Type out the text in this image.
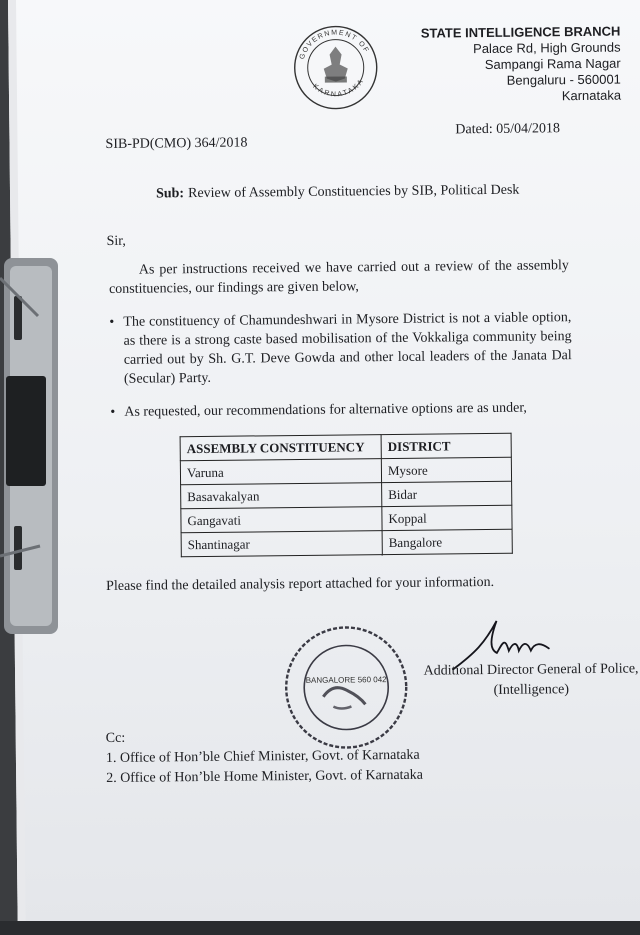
GOVERNMENT OF
KARNATAKA
STATE INTELLIGENCE BRANCH
Palace Rd, High Grounds
Sampangi Rama Nagar
Bengaluru - 560001
Karnataka
SIB-PD(CMO) 364/2018
Dated: 05/04/2018
Sub: Review of Assembly Constituencies by SIB, Political Desk
Sir,
As per instructions received we have carried out a review of the assembly constituencies, our findings are given below,
• The constituency of Chamundeshwari in Mysore District is not a viable option, as there is a strong caste based mobilisation of the Vokkaliga community being carried out by Sh. G.T. Deve Gowda and other local leaders of the Janata Dal (Secular) Party.
• As requested, our recommendations for alternative options are as under,
ASSEMBLY CONSTITUENCY	DISTRICT
Varuna	Mysore
Basavakalyan	Bidar
Gangavati	Koppal
Shantinagar	Bangalore
Please find the detailed analysis report attached for your information.
BANGALORE 560 042
Additional Director General of Police,
(Intelligence)
Cc:
1. Office of Hon’ble Chief Minister, Govt. of Karnataka
2. Office of Hon’ble Home Minister, Govt. of Karnataka
